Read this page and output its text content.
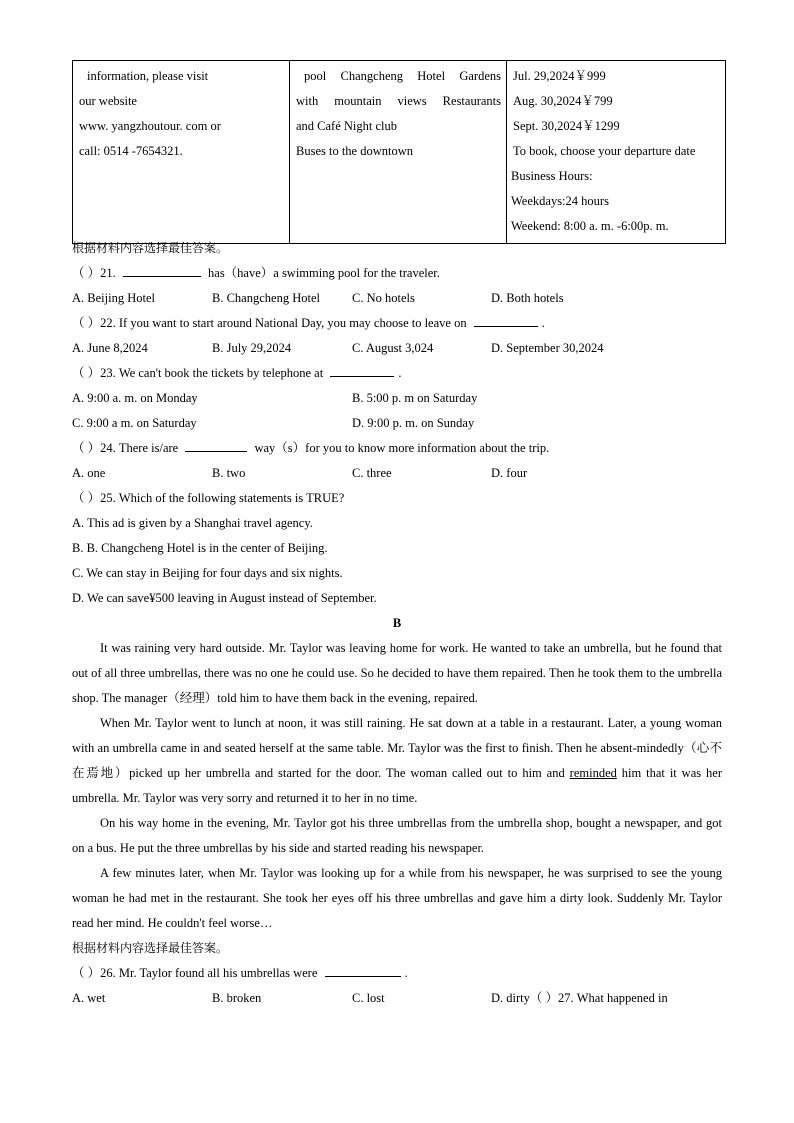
information, please visit
our website
www. yangzhoutour. com or
call: 0514 -7654321.

pool Changcheng Hotel Gardens
with mountain views Restaurants
and Café Night club
Buses to the downtown

Jul. 29,2024￥999
Aug. 30,2024￥799
Sept. 30,2024￥1299
To book, choose your departure date
Business Hours:
Weekdays:24 hours
Weekend: 8:00 a. m. -6:00p. m.
根据材料内容选择最佳答案。
（ ）21.	has（have）a swimming pool for the traveler.
A. Beijing Hotel	B. Changcheng Hotel	C. No hotels	D. Both hotels
（ ）22. If you want to start around National Day, you may choose to leave on	.
A. June 8,2024	B. July 29,2024	C. August 3,024	D. September 30,2024
（ ）23. We can't book the tickets by telephone at	.
A. 9:00 a. m. on Monday	B. 5:00 p. m on Saturday
C. 9:00 a m. on Saturday	D. 9:00 p. m. on Sunday
（ ）24. There is/are	way（s）for you to know more information about the trip.
A. one	B. two	C. three	D. four
（ ）25. Which of the following statements is TRUE?
A. This ad is given by a Shanghai travel agency.
B. B. Changcheng Hotel is in the center of Beijing.
C. We can stay in Beijing for four days and six nights.
D. We can save¥500 leaving in August instead of September.
B

It was raining very hard outside. Mr. Taylor was leaving home for work. He wanted to take an umbrella, but he found that out of all three umbrellas, there was no one he could use. So he decided to have them repaired. Then he took them to the umbrella shop. The manager（经理）told him to have them back in the evening, repaired.

When Mr. Taylor went to lunch at noon, it was still raining. He sat down at a table in a restaurant. Later, a young woman with an umbrella came in and seated herself at the same table. Mr. Taylor was the first to finish. Then he absent-mindedly（心不在焉地）picked up her umbrella and started for the door. The woman called out to him and reminded him that it was her umbrella. Mr. Taylor was very sorry and returned it to her in no time.

On his way home in the evening, Mr. Taylor got his three umbrellas from the umbrella shop, bought a newspaper, and got on a bus. He put the three umbrellas by his side and started reading his newspaper.

A few minutes later, when Mr. Taylor was looking up for a while from his newspaper, he was surprised to see the young woman he had met in the restaurant. She took her eyes off his three umbrellas and gave him a dirty look. Suddenly Mr. Taylor read her mind. He couldn't feel worse…

根据材料内容选择最佳答案。
（ ）26. Mr. Taylor found all his umbrellas were	.
A. wet	B. broken	C. lost	D. dirty（ ）27. What happened in
